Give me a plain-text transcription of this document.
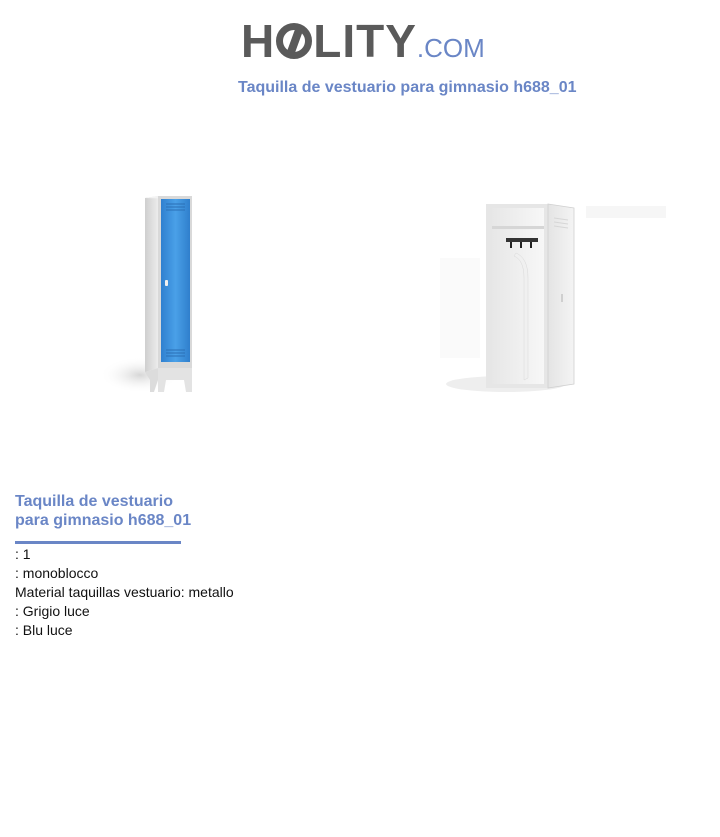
H LITY.COM
Taquilla de vestuario para gimnasio h688_01
Taquilla de vestuario
para gimnasio h688_01
: 1
: monoblocco
Material taquillas vestuario: metallo
: Grigio luce
: Blu luce
